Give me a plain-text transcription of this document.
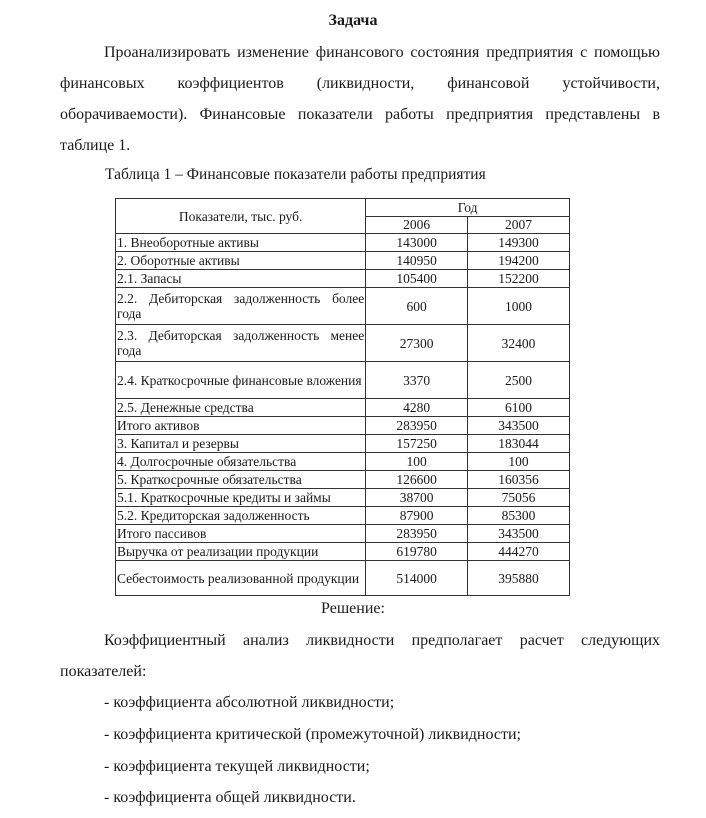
Задача
Проанализировать изменение финансового состояния предприятия с помощью финансовых коэффициентов (ликвидности, финансовой устойчивости, оборачиваемости). Финансовые показатели работы предприятия представлены в таблице 1.
Таблица 1 – Финансовые показатели работы предприятия
Показатели, тыс. руб.	Год	
	2006	2007
1. Внеоборотные активы	143000	149300
2. Оборотные активы	140950	194200
2.1. Запасы	105400	152200
2.2. Дебиторская задолженность более года	600	1000
2.3. Дебиторская задолженность менее года	27300	32400
2.4. Краткосрочные финансовые вложения	3370	2500
2.5. Денежные средства	4280	6100
Итого активов	283950	343500
3. Капитал и резервы	157250	183044
4. Долгосрочные обязательства	100	100
5. Краткосрочные обязательства	126600	160356
5.1. Краткосрочные кредиты и займы	38700	75056
5.2. Кредиторская задолженность	87900	85300
Итого пассивов	283950	343500
Выручка от реализации продукции	619780	444270
Себестоимость реализованной продукции	514000	395880
Решение:
Коэффициентный анализ ликвидности предполагает расчет следующих показателей:
- коэффициента абсолютной ликвидности;
- коэффициента критической (промежуточной) ликвидности;
- коэффициента текущей ликвидности;
- коэффициента общей ликвидности.
